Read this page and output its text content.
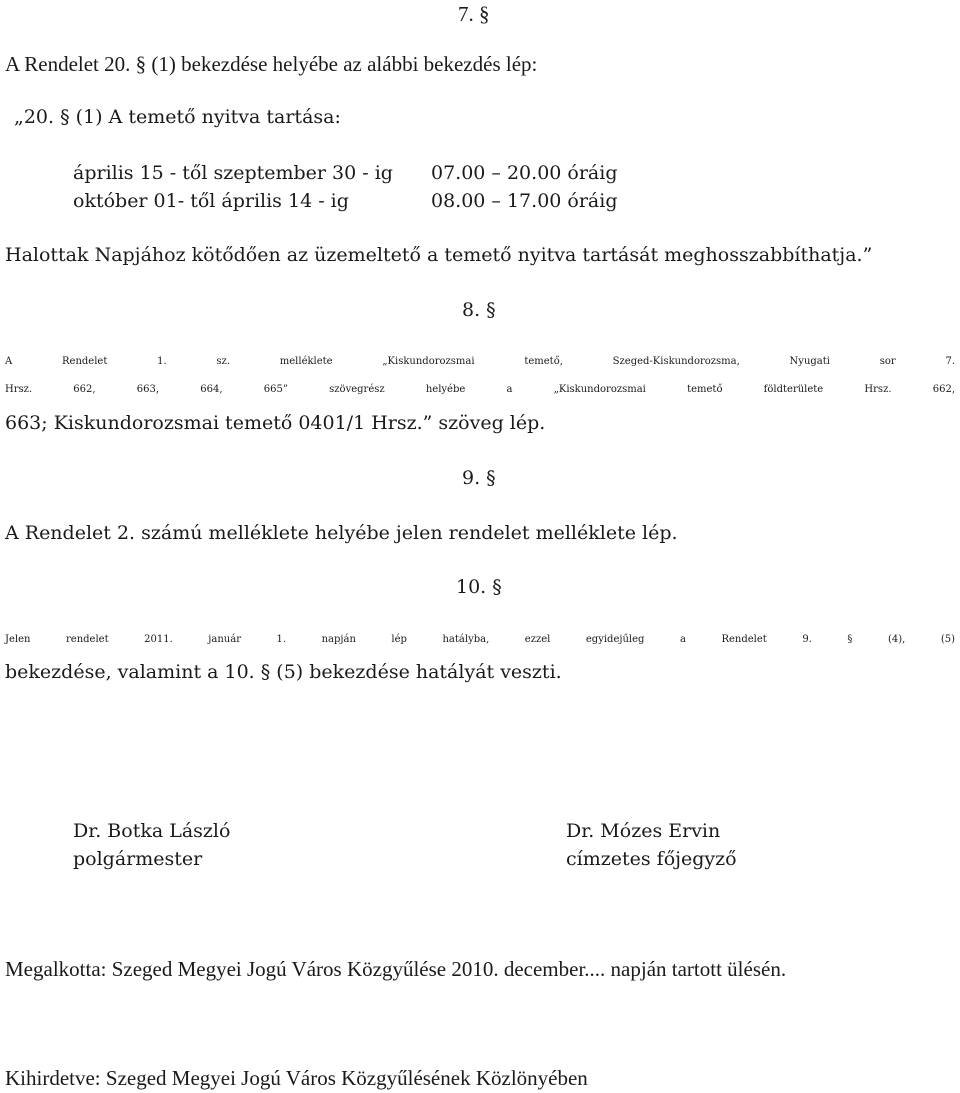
7. §
A Rendelet 20. § (1) bekezdése helyébe az alábbi bekezdés lép:
„20. § (1) A temető nyitva tartása:
április 15 - től szeptember 30 - ig 07.00 – 20.00 óráig
október 01- től április 14 - ig	08.00 – 17.00 óráig
Halottak Napjához kötődően az üzemeltető a temető nyitva tartását meghosszabbíthatja.”
8. §
A Rendelet 1. sz. melléklete „Kiskundorozsmai temető, Szeged-Kiskundorozsma, Nyugati sor 7.
Hrsz. 662, 663, 664, 665” szövegrész helyébe a „Kiskundorozsmai temető földterülete Hrsz. 662,
663; Kiskundorozsmai temető 0401/1 Hrsz.” szöveg lép.
9. §
A Rendelet 2. számú melléklete helyébe jelen rendelet melléklete lép.
10. §
Jelen rendelet 2011. január 1. napján lép hatályba, ezzel egyidejűleg a Rendelet 9. § (4), (5)
bekezdése, valamint a 10. § (5) bekezdése hatályát veszti.
Dr. Botka László
polgármester
Dr. Mózes Ervin
címzetes főjegyző
Megalkotta: Szeged Megyei Jogú Város Közgyűlése 2010. december.... napján tartott ülésén.
Kihirdetve: Szeged Megyei Jogú Város Közgyűlésének Közlönyében
